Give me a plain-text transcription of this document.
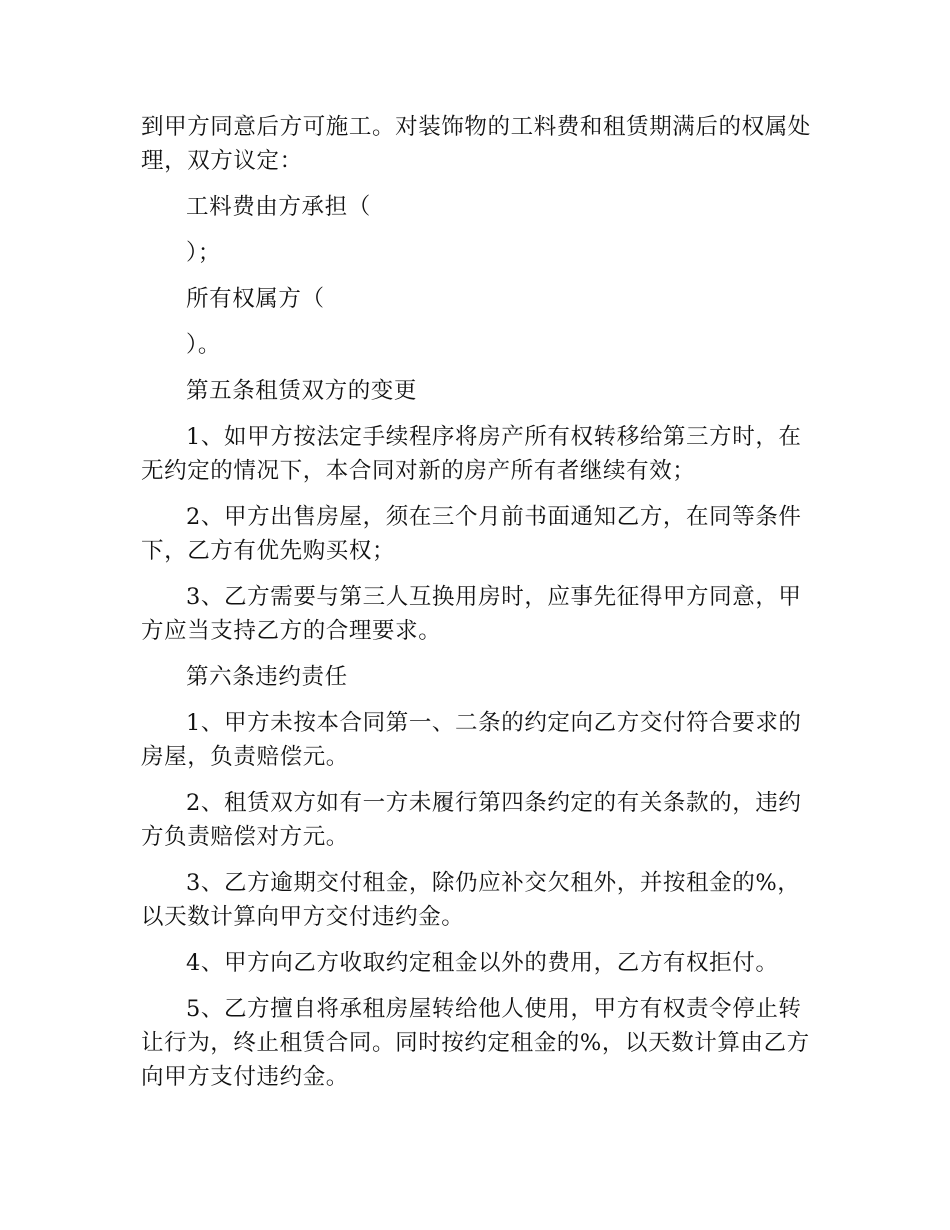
到甲方同意后方可施工。对装饰物的工料费和租赁期满后的权属处理，双方议定：

工料费由方承担（

）；

所有权属方（

）。

第五条租赁双方的变更

1、如甲方按法定手续程序将房产所有权转移给第三方时，在无约定的情况下，本合同对新的房产所有者继续有效；

2、甲方出售房屋，须在三个月前书面通知乙方，在同等条件下，乙方有优先购买权；

3、乙方需要与第三人互换用房时，应事先征得甲方同意，甲方应当支持乙方的合理要求。

第六条违约责任

1、甲方未按本合同第一、二条的约定向乙方交付符合要求的房屋，负责赔偿元。

2、租赁双方如有一方未履行第四条约定的有关条款的，违约方负责赔偿对方元。

3、乙方逾期交付租金，除仍应补交欠租外，并按租金的%，以天数计算向甲方交付违约金。

4、甲方向乙方收取约定租金以外的费用，乙方有权拒付。

5、乙方擅自将承租房屋转给他人使用，甲方有权责令停止转让行为，终止租赁合同。同时按约定租金的%，以天数计算由乙方向甲方支付违约金。
